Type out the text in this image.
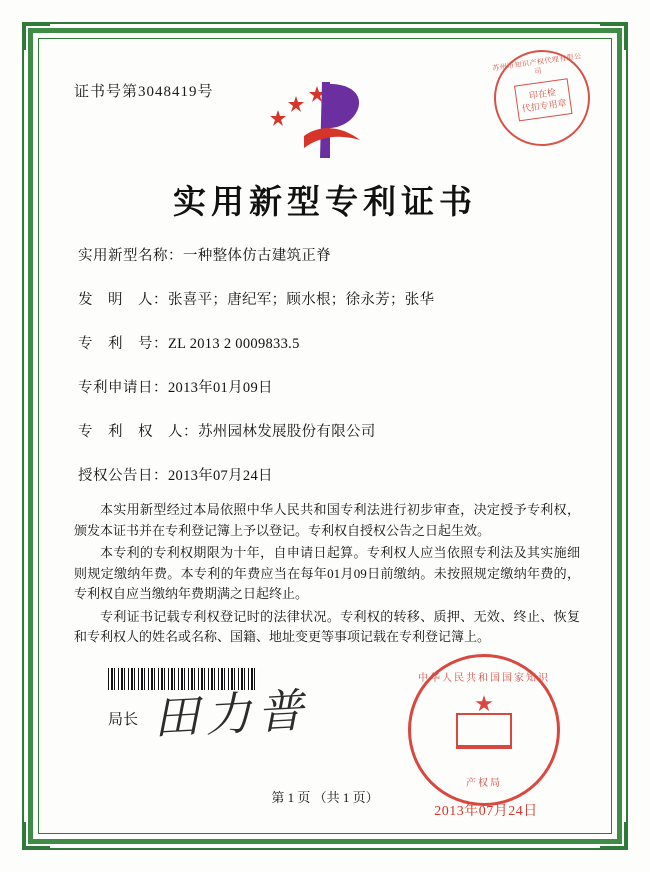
证书号第3048419号
苏州市知识产权代理有限公司
印在检
代扣专用章
实用新型专利证书
实用新型名称：一种整体仿古建筑正脊
发　明　人：张喜平；唐纪军；顾水根；徐永芳；张华
专　利　号：ZL 2013 2 0009833.5
专利申请日：2013年01月09日
专　利　权　人：苏州园林发展股份有限公司
授权公告日：2013年07月24日

本实用新型经过本局依照中华人民共和国专利法进行初步审查，决定授予专利权，颁发本证书并在专利登记簿上予以登记。专利权自授权公告之日起生效。

本专利的专利权期限为十年，自申请日起算。专利权人应当依照专利法及其实施细则规定缴纳年费。本专利的年费应当在每年01月09日前缴纳。未按照规定缴纳年费的，专利权自应当缴纳年费期满之日起终止。

专利证书记载专利权登记时的法律状况。专利权的转移、质押、无效、终止、恢复和专利权人的姓名或名称、国籍、地址变更等事项记载在专利登记簿上。

局长 田力普
中华人民共和国国家知识
★
产权局
2013年07月24日
第 1 页 （共 1 页）
